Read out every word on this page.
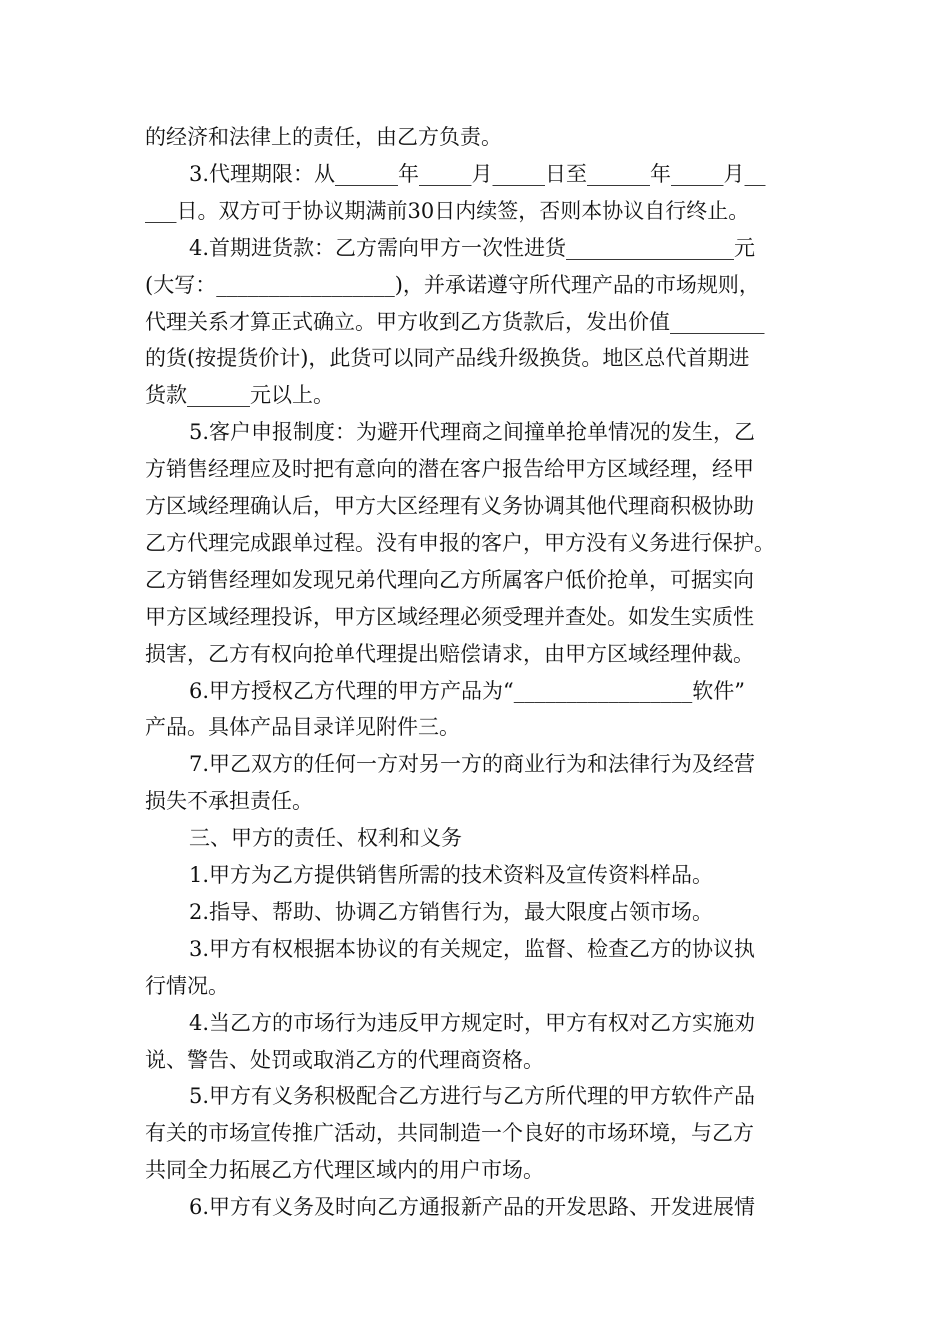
的经济和法律上的责任，由乙方负责。
3.代理期限：从______年_____月_____日至______年_____月__
___日。双方可于协议期满前30日内续签，否则本协议自行终止。
4.首期进货款：乙方需向甲方一次性进货________________元
(大写：_________________)，并承诺遵守所代理产品的市场规则，
代理关系才算正式确立。甲方收到乙方货款后，发出价值_________
的货(按提货价计)，此货可以同产品线升级换货。地区总代首期进
货款______元以上。
5.客户申报制度：为避开代理商之间撞单抢单情况的发生，乙
方销售经理应及时把有意向的潜在客户报告给甲方区域经理，经甲
方区域经理确认后，甲方大区经理有义务协调其他代理商积极协助
乙方代理完成跟单过程。没有申报的客户，甲方没有义务进行保护。
乙方销售经理如发现兄弟代理向乙方所属客户低价抢单，可据实向
甲方区域经理投诉，甲方区域经理必须受理并查处。如发生实质性
损害，乙方有权向抢单代理提出赔偿请求，由甲方区域经理仲裁。
6.甲方授权乙方代理的甲方产品为“_________________软件”
产品。具体产品目录详见附件三。
7.甲乙双方的任何一方对另一方的商业行为和法律行为及经营
损失不承担责任。
三、甲方的责任、权利和义务
1.甲方为乙方提供销售所需的技术资料及宣传资料样品。
2.指导、帮助、协调乙方销售行为，最大限度占领市场。
3.甲方有权根据本协议的有关规定，监督、检查乙方的协议执
行情况。
4.当乙方的市场行为违反甲方规定时，甲方有权对乙方实施劝
说、警告、处罚或取消乙方的代理商资格。
5.甲方有义务积极配合乙方进行与乙方所代理的甲方软件产品
有关的市场宣传推广活动，共同制造一个良好的市场环境，与乙方
共同全力拓展乙方代理区域内的用户市场。
6.甲方有义务及时向乙方通报新产品的开发思路、开发进展情
